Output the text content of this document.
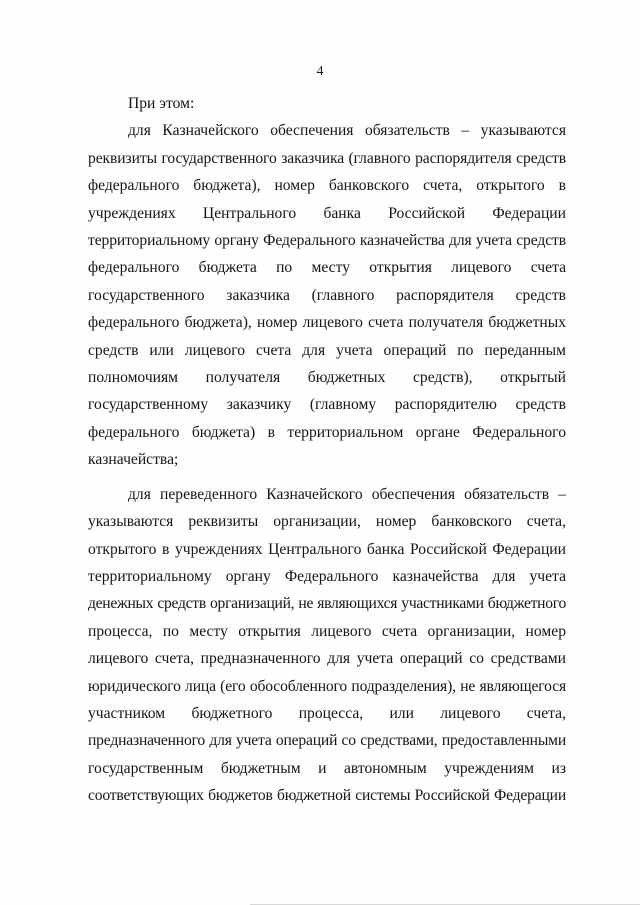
4
При этом:
для Казначейского обеспечения обязательств – указываются
реквизиты государственного заказчика (главного распорядителя средств
федерального бюджета), номер банковского счета, открытого в
учреждениях Центрального банка Российской Федерации
территориальному органу Федерального казначейства для учета средств
федерального бюджета по месту открытия лицевого счета
государственного заказчика (главного распорядителя средств
федерального бюджета), номер лицевого счета получателя бюджетных
средств или лицевого счета для учета операций по переданным
полномочиям получателя бюджетных средств), открытый
государственному заказчику (главному распорядителю средств
федерального бюджета) в территориальном органе Федерального
казначейства;
для переведенного Казначейского обеспечения обязательств –
указываются реквизиты организации, номер банковского счета,
открытого в учреждениях Центрального банка Российской Федерации
территориальному органу Федерального казначейства для учета
денежных средств организаций, не являющихся участниками бюджетного
процесса, по месту открытия лицевого счета организации, номер
лицевого счета, предназначенного для учета операций со средствами
юридического лица (его обособленного подразделения), не являющегося
участником бюджетного процесса, или лицевого счета,
предназначенного для учета операций со средствами, предоставленными
государственным бюджетным и автономным учреждениям из
соответствующих бюджетов бюджетной системы Российской Федерации
